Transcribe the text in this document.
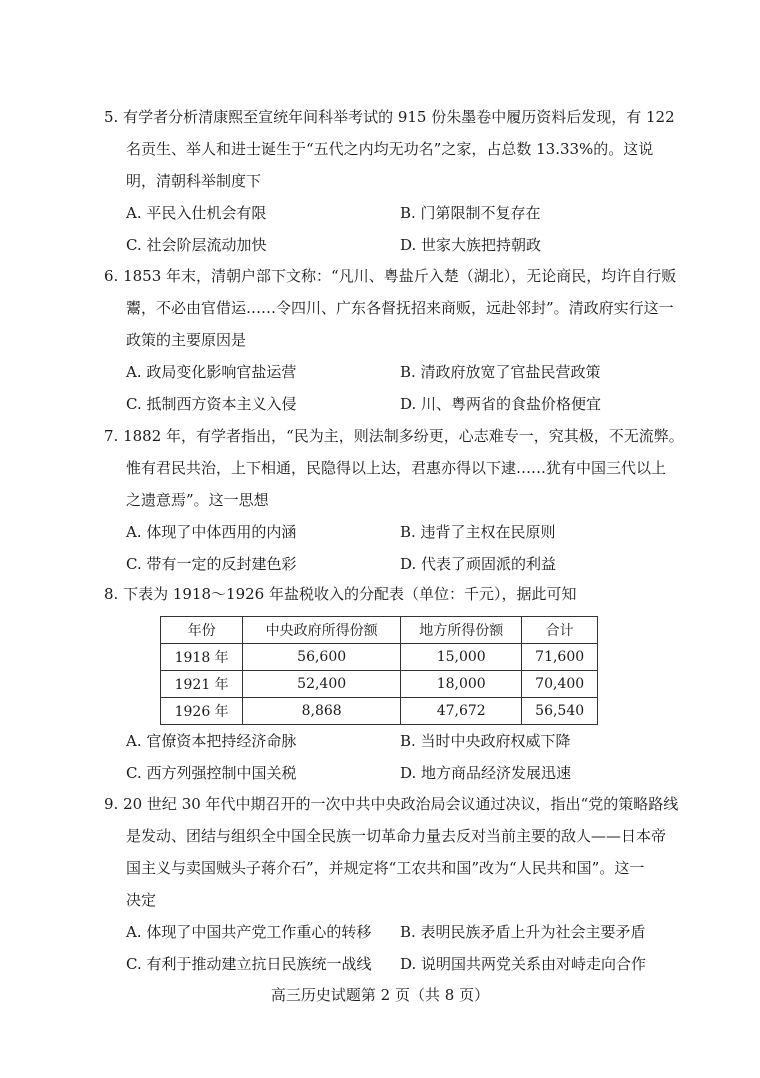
5. 有学者分析清康熙至宣统年间科举考试的 915 份朱墨卷中履历资料后发现，有 122
名贡生、举人和进士诞生于“五代之内均无功名”之家，占总数 13.33%的。这说
明，清朝科举制度下
A. 平民入仕机会有限	B. 门第限制不复存在
C. 社会阶层流动加快	D. 世家大族把持朝政
6. 1853 年末，清朝户部下文称：“凡川、粤盐斤入楚（湖北），无论商民，均许自行贩
鬻，不必由官借运……令四川、广东各督抚招来商贩，远赴邻封”。清政府实行这一
政策的主要原因是
A. 政局变化影响官盐运营	B. 清政府放宽了官盐民营政策
C. 抵制西方资本主义入侵	D. 川、粤两省的食盐价格便宜
7. 1882 年，有学者指出，“民为主，则法制多纷更，心志难专一，究其极，不无流弊。
惟有君民共治，上下相通，民隐得以上达，君惠亦得以下逮……犹有中国三代以上
之遗意焉”。这一思想
A. 体现了中体西用的内涵	B. 违背了主权在民原则
C. 带有一定的反封建色彩	D. 代表了顽固派的利益
8. 下表为 1918～1926 年盐税收入的分配表（单位：千元），据此可知
年份	中央政府所得份额	地方所得份额	合计
1918 年	56,600	15,000	71,600
1921 年	52,400	18,000	70,400
1926 年	8,868	47,672	56,540
A. 官僚资本把持经济命脉	B. 当时中央政府权威下降
C. 西方列强控制中国关税	D. 地方商品经济发展迅速
9. 20 世纪 30 年代中期召开的一次中共中央政治局会议通过决议，指出“党的策略路线
是发动、团结与组织全中国全民族一切革命力量去反对当前主要的敌人——日本帝
国主义与卖国贼头子蒋介石”，并规定将“工农共和国”改为“人民共和国”。这一
决定
A. 体现了中国共产党工作重心的转移 B. 表明民族矛盾上升为社会主要矛盾
C. 有利于推动建立抗日民族统一战线 D. 说明国共两党关系由对峙走向合作
高三历史试题第 2 页（共 8 页）
